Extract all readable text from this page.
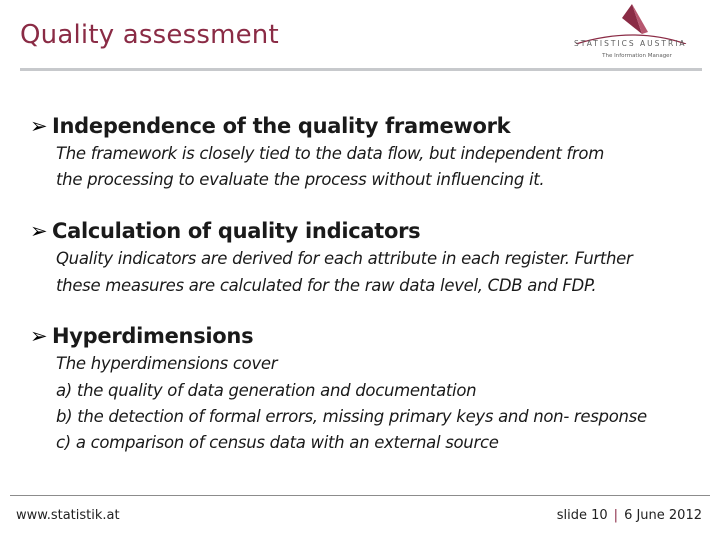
Quality assessment	STATISTICS AUSTRIA
The Information Manager
➢ Independence of the quality framework
The framework is closely tied to the data flow, but independent from
the processing to evaluate the process without influencing it.
➢ Calculation of quality indicators
Quality indicators are derived for each attribute in each register. Further
these measures are calculated for the raw data level, CDB and FDP.
➢ Hyperdimensions
The hyperdimensions cover
a) the quality of data generation and documentation
b) the detection of formal errors, missing primary keys and non- response
c) a comparison of census data with an external source
www.statistik.at	slide 10 | 6 June 2012
